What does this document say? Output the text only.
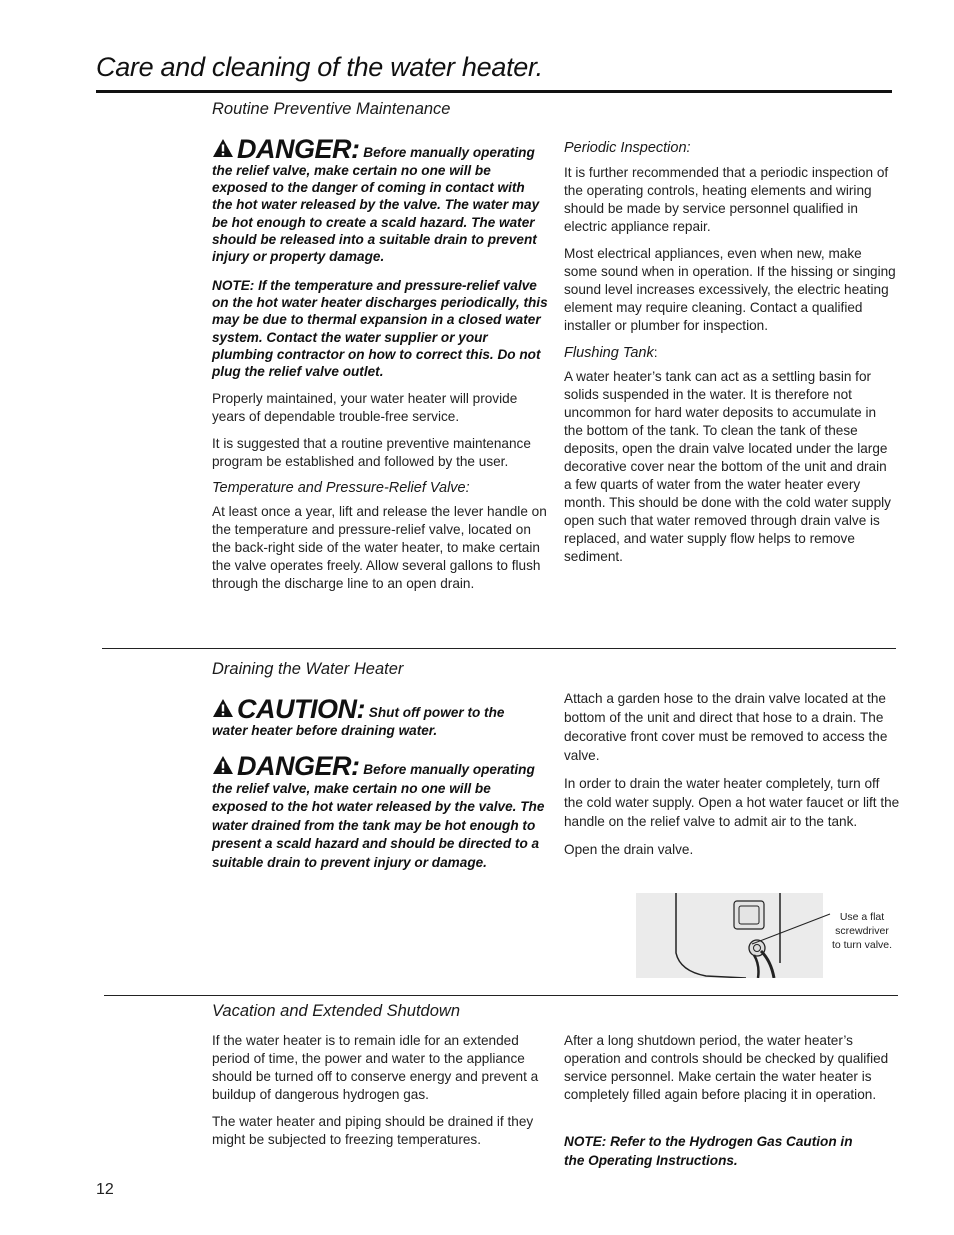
Care and cleaning of the water heater.
Routine Preventive Maintenance
DANGER: Before manually operating the relief valve, make certain no one will be exposed to the danger of coming in contact with the hot water released by the valve. The water may be hot enough to create a scald hazard. The water should be released into a suitable drain to prevent injury or property damage.
NOTE: If the temperature and pressure-relief valve on the hot water heater discharges periodically, this may be due to thermal expansion in a closed water system. Contact the water supplier or your plumbing contractor on how to correct this. Do not plug the relief valve outlet.

Properly maintained, your water heater will provide years of dependable trouble-free service.

It is suggested that a routine preventive maintenance program be established and followed by the user.

Temperature and Pressure-Relief Valve:
At least once a year, lift and release the lever handle on the temperature and pressure-relief valve, located on the back-right side of the water heater, to make certain the valve operates freely. Allow several gallons to flush through the discharge line to an open drain.
Periodic Inspection:

It is further recommended that a periodic inspection of the operating controls, heating elements and wiring should be made by service personnel qualified in electric appliance repair.

Most electrical appliances, even when new, make some sound when in operation. If the hissing or singing sound level increases excessively, the electric heating element may require cleaning. Contact a qualified installer or plumber for inspection.

Flushing Tank:
A water heater’s tank can act as a settling basin for solids suspended in the water. It is therefore not uncommon for hard water deposits to accumulate in the bottom of the tank. To clean the tank of these deposits, open the drain valve located under the large decorative cover near the bottom of the unit and drain a few quarts of water from the water heater every month. This should be done with the cold water supply open such that water removed through drain valve is replaced, and water supply flow helps to remove sediment.
Draining the Water Heater
CAUTION: Shut off power to the water heater before draining water.
DANGER: Before manually operating the relief valve, make certain no one will be exposed to the hot water released by the valve. The water drained from the tank may be hot enough to present a scald hazard and should be directed to a suitable drain to prevent injury or damage.

Attach a garden hose to the drain valve located at the bottom of the unit and direct that hose to a drain. The decorative front cover must be removed to access the valve.

In order to drain the water heater completely, turn off the cold water supply. Open a hot water faucet or lift the handle on the relief valve to admit air to the tank.

Open the drain valve.

Use a flat screwdriver to turn valve.
Vacation and Extended Shutdown

If the water heater is to remain idle for an extended period of time, the power and water to the appliance should be turned off to conserve energy and prevent a buildup of dangerous hydrogen gas.

The water heater and piping should be drained if they might be subjected to freezing temperatures.

After a long shutdown period, the water heater’s operation and controls should be checked by qualified service personnel. Make certain the water heater is completely filled again before placing it in operation.

NOTE: Refer to the Hydrogen Gas Caution in the Operating Instructions.
12
